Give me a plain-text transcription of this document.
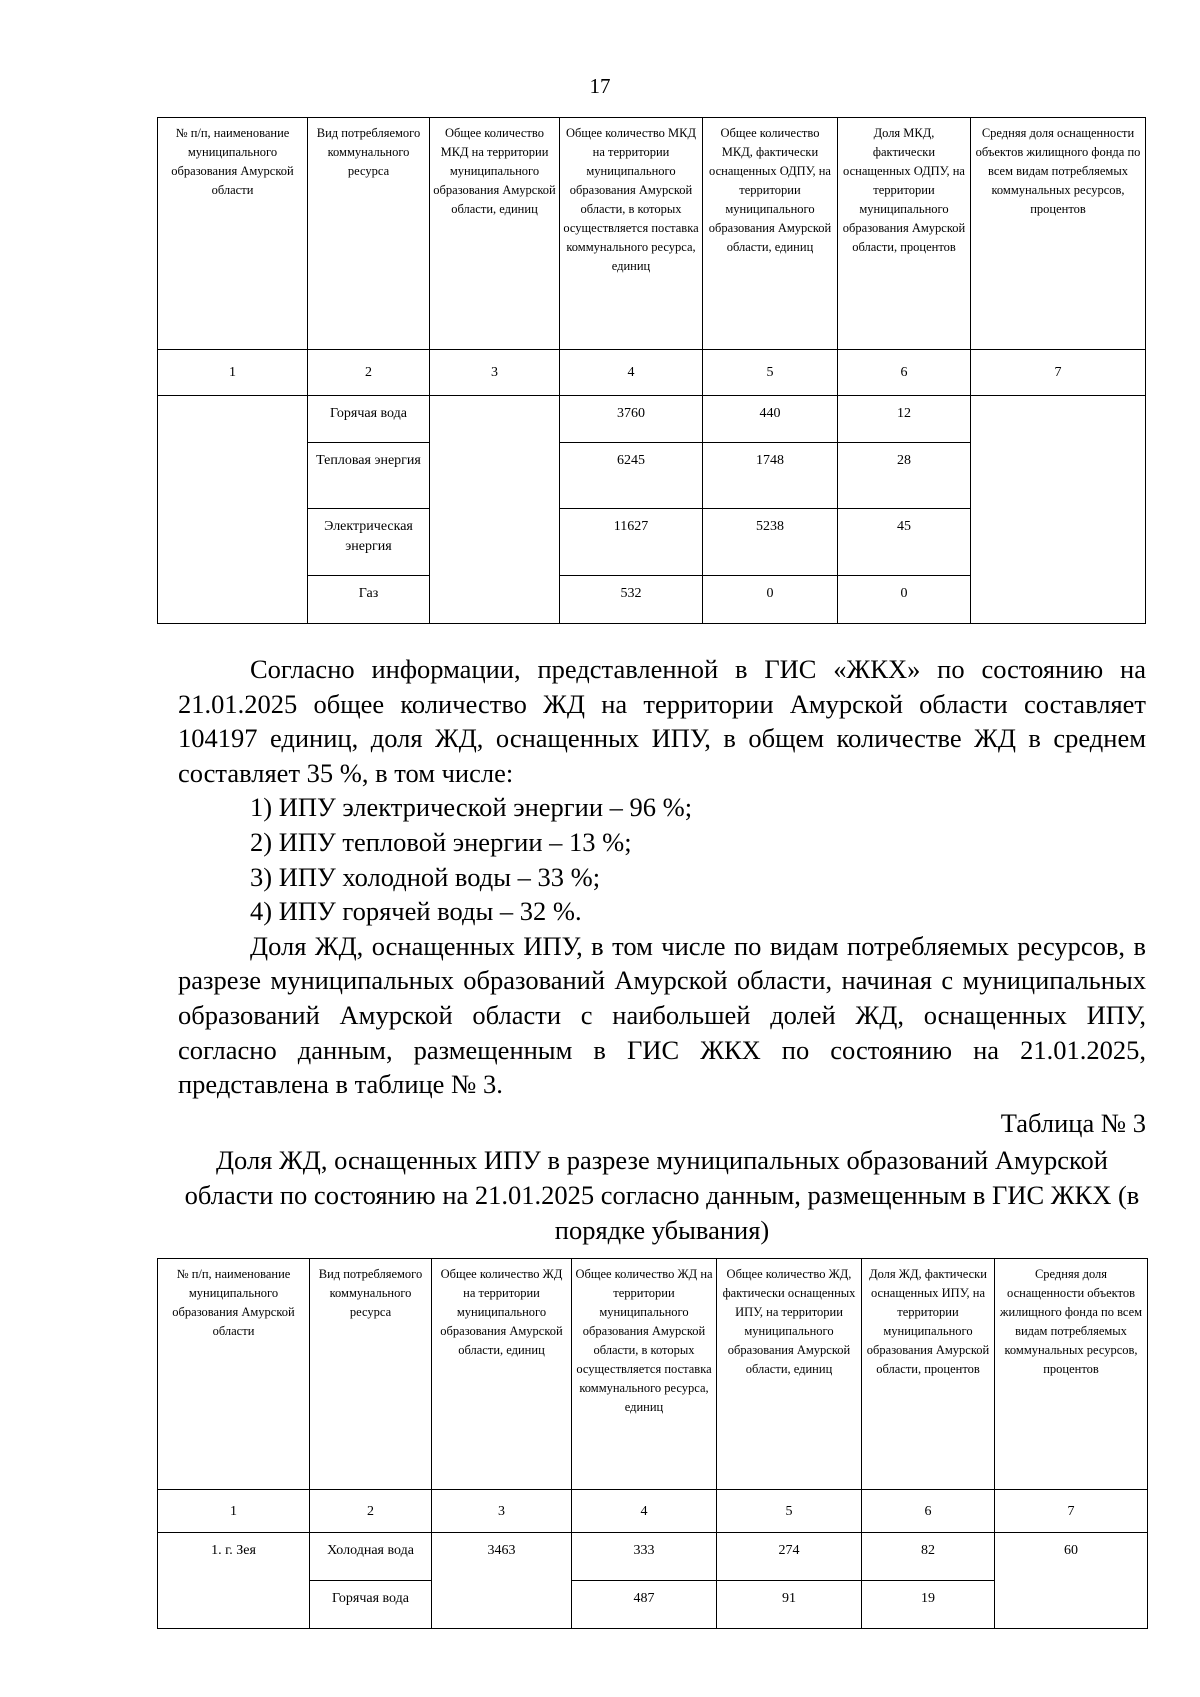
17
№ п/п, наименование муниципального образования Амурской области	Вид потребляемого коммунального ресурса	Общее количество МКД на территории муниципального образования Амурской области, единиц	Общее количество МКД на территории муниципального образования Амурской области, в которых осуществляется поставка коммунального ресурса, единиц	Общее количество МКД, фактически оснащенных ОДПУ, на территории муниципального образования Амурской области, единиц	Доля МКД, фактически оснащенных ОДПУ, на территории муниципального образования Амурской области, процентов	Средняя доля оснащенности объектов жилищного фонда по всем видам потребляемых коммунальных ресурсов, процентов
1	2	3	4	5	6	7
	Горячая вода		3760	440	12	
	Тепловая энергия		6245	1748	28	
	Электрическая энергия		11627	5238	45	
	Газ		532	0	0	

Согласно информации, представленной в ГИС «ЖКХ» по состоянию на 21.01.2025 общее количество ЖД на территории Амурской области составляет 104197 единиц, доля ЖД, оснащенных ИПУ, в общем количестве ЖД в среднем составляет 35 %, в том числе:

1) ИПУ электрической энергии – 96 %;

2) ИПУ тепловой энергии – 13 %;

3) ИПУ холодной воды – 33 %;

4) ИПУ горячей воды – 32 %.

Доля ЖД, оснащенных ИПУ, в том числе по видам потребляемых ресурсов, в разрезе муниципальных образований Амурской области, начиная с муниципальных образований Амурской области с наибольшей долей ЖД, оснащенных ИПУ, согласно данным, размещенным в ГИС ЖКХ по состоянию на 21.01.2025, представлена в таблице № 3.

Таблица № 3
Доля ЖД, оснащенных ИПУ в разрезе муниципальных образований Амурской области по состоянию на 21.01.2025 согласно данным, размещенным в ГИС ЖКХ (в порядке убывания)
№ п/п, наименование муниципального образования Амурской области	Вид потребляемого коммунального ресурса	Общее количество ЖД на территории муниципального образования Амурской области, единиц	Общее количество ЖД на территории муниципального образования Амурской области, в которых осуществляется поставка коммунального ресурса, единиц	Общее количество ЖД, фактически оснащенных ИПУ, на территории муниципального образования Амурской области, единиц	Доля ЖД, фактически оснащенных ИПУ, на территории муниципального образования Амурской области, процентов	Средняя доля оснащенности объектов жилищного фонда по всем видам потребляемых коммунальных ресурсов, процентов
1	2	3	4	5	6	7
1. г. Зея	Холодная вода	3463	333	274	82	60
	Горячая вода		487	91	19	
